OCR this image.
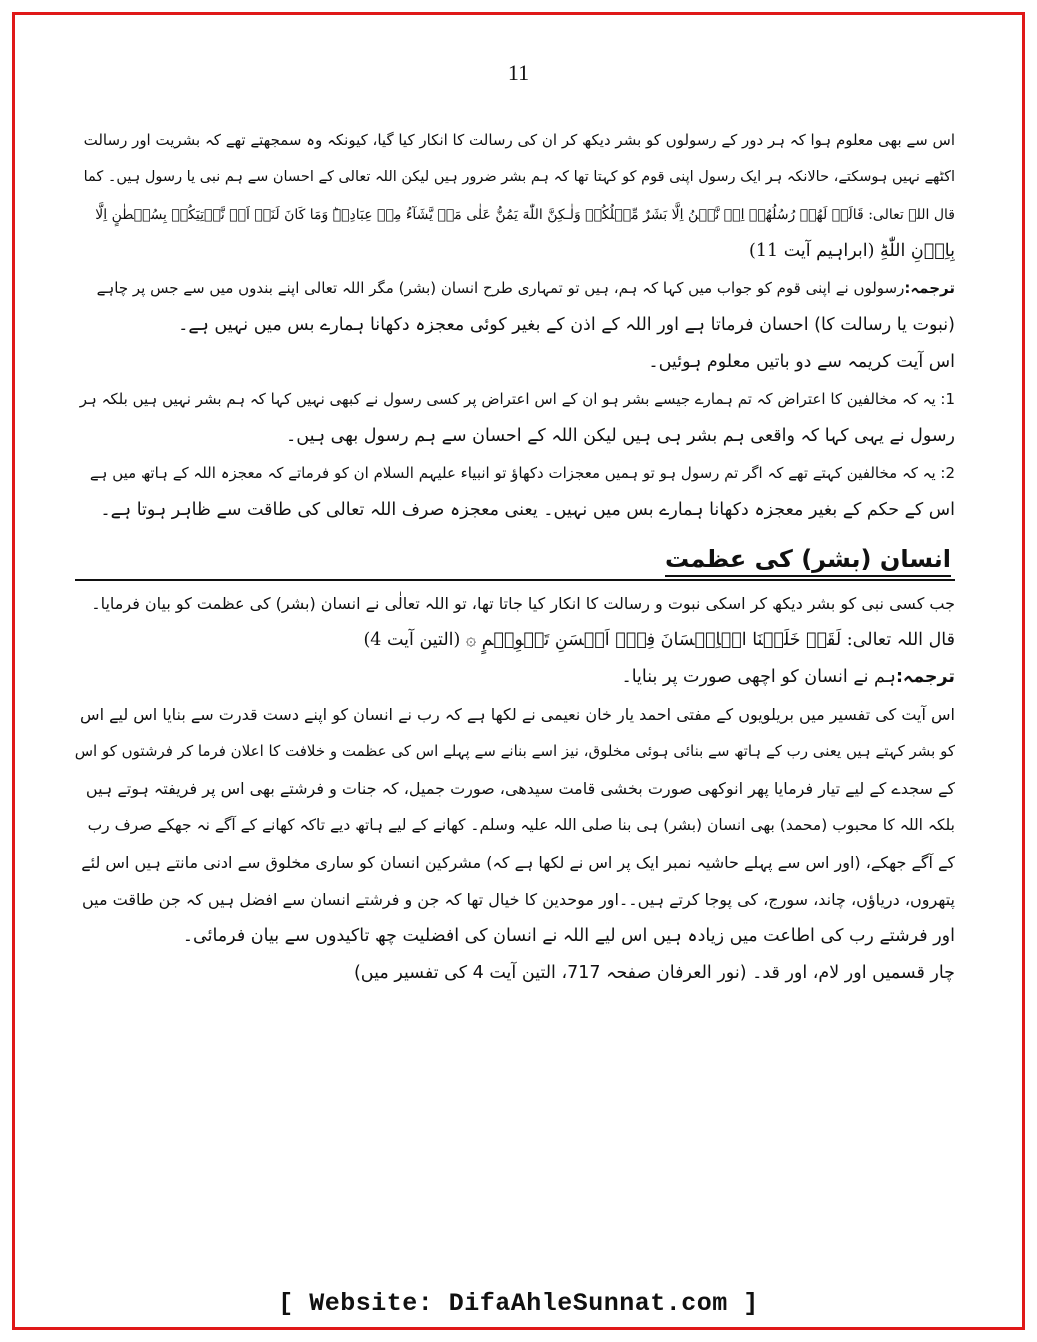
11
اس سے بھی معلوم ہوا کہ ہر دور کے رسولوں کو بشر دیکھ کر ان کی رسالت کا انکار کیا گیا، کیونکہ وہ سمجھتے تھے کہ بشریت اور رسالت
اکٹھے نہیں ہوسکتے، حالانکہ ہر ایک رسول اپنی قوم کو کہتا تھا کہ ہم بشر ضرور ہیں لیکن اللہ تعالی کے احسان سے ہم نبی یا رسول ہیں۔ کما
قال اللہ تعالی: قَالَتۡ لَهُمۡ رُسُلُهُمۡ اِنۡ نَّحۡنُ اِلَّا بَشَرٌ مِّثۡلُكُمۡ وَلٰـكِنَّ اللّٰهَ يَمُنُّ عَلٰى مَنۡ يَّشَآءُ مِنۡ عِبَادِهٖ‌ؕ وَمَا كَانَ لَنَاۤ اَنۡ نَّاۡتِيَكُمۡ بِسُلۡطٰنٍ اِلَّا
بِاِذۡنِ اللّٰهِ‌ؕ (ابراہیم آیت 11)
ترجمہ:
رسولوں نے اپنی قوم کو جواب میں کہا کہ ہم، ہیں تو تمہاری طرح انسان (بشر) مگر اللہ تعالی اپنے بندوں میں سے جس پر چاہے
(نبوت یا رسالت کا) احسان فرماتا ہے اور اللہ کے اذن کے بغیر کوئی معجزہ دکھانا ہمارے بس میں نہیں ہے۔
اس آیت کریمہ سے دو باتیں معلوم ہوئیں۔
1: یہ کہ مخالفین کا اعتراض کہ تم ہمارے جیسے بشر ہو ان کے اس اعتراض پر کسی رسول نے کبھی نہیں کہا کہ ہم بشر نہیں ہیں بلکہ ہر
رسول نے یہی کہا کہ واقعی ہم بشر ہی ہیں لیکن اللہ کے احسان سے ہم رسول بھی ہیں۔
2: یہ کہ مخالفین کہتے تھے کہ اگر تم رسول ہو تو ہمیں معجزات دکھاؤ تو انبیاء علیہم السلام ان کو فرماتے کہ معجزہ اللہ کے ہاتھ میں ہے
اس کے حکم کے بغیر معجزہ دکھانا ہمارے بس میں نہیں۔ یعنی معجزہ صرف اللہ تعالی کی طاقت سے ظاہر ہوتا ہے۔
انسان (بشر) کی عظمت
جب کسی نبی کو بشر دیکھ کر اسکی نبوت و رسالت کا انکار کیا جاتا تھا، تو اللہ تعالٰی نے انسان (بشر) کی عظمت کو بیان فرمایا۔
قال اللہ تعالی: لَقَدۡ خَلَقۡنَا الۡاِنۡسَانَ فِىۡۤ اَحۡسَنِ تَقۡوِيۡمٍ ۞ (التین آیت 4)
ترجمہ:
ہم نے انسان کو اچھی صورت پر بنایا۔
اس آیت کی تفسیر میں بریلویوں کے مفتی احمد یار خان نعیمی نے لکھا ہے کہ رب نے انسان کو اپنے دست قدرت سے بنایا اس لیے اس
کو بشر کہتے ہیں یعنی رب کے ہاتھ سے بنائی ہوئی مخلوق، نیز اسے بنانے سے پہلے اس کی عظمت و خلافت کا اعلان فرما کر فرشتوں کو اس
کے سجدے کے لیے تیار فرمایا پھر انوکھی صورت بخشی قامت سیدھی، صورت جمیل، کہ جنات و فرشتے بھی اس پر فریفتہ ہوتے ہیں
بلکہ اللہ کا محبوب (محمد) بھی انسان (بشر) ہی بنا صلی اللہ علیہ وسلم۔ کھانے کے لیے ہاتھ دیے تاکہ کھانے کے آگے نہ جھکے صرف رب
کے آگے جھکے، (اور اس سے پہلے حاشیہ نمبر ایک پر اس نے لکھا ہے کہ) مشرکین انسان کو ساری مخلوق سے ادنی مانتے ہیں اس لئے
پتھروں، دریاؤں، چاند، سورج، کی پوجا کرتے ہیں۔۔اور موحدین کا خیال تھا کہ جن و فرشتے انسان سے افضل ہیں کہ جن طاقت میں
اور فرشتے رب کی اطاعت میں زیادہ ہیں اس لیے اللہ نے انسان کی افضلیت چھ تاکیدوں سے بیان فرمائی۔
چار قسمیں اور لام، اور قد۔ (نور العرفان صفحہ 717، التین آیت 4 کی تفسیر میں)
[ Website: DifaAhleSunnat.com ]
